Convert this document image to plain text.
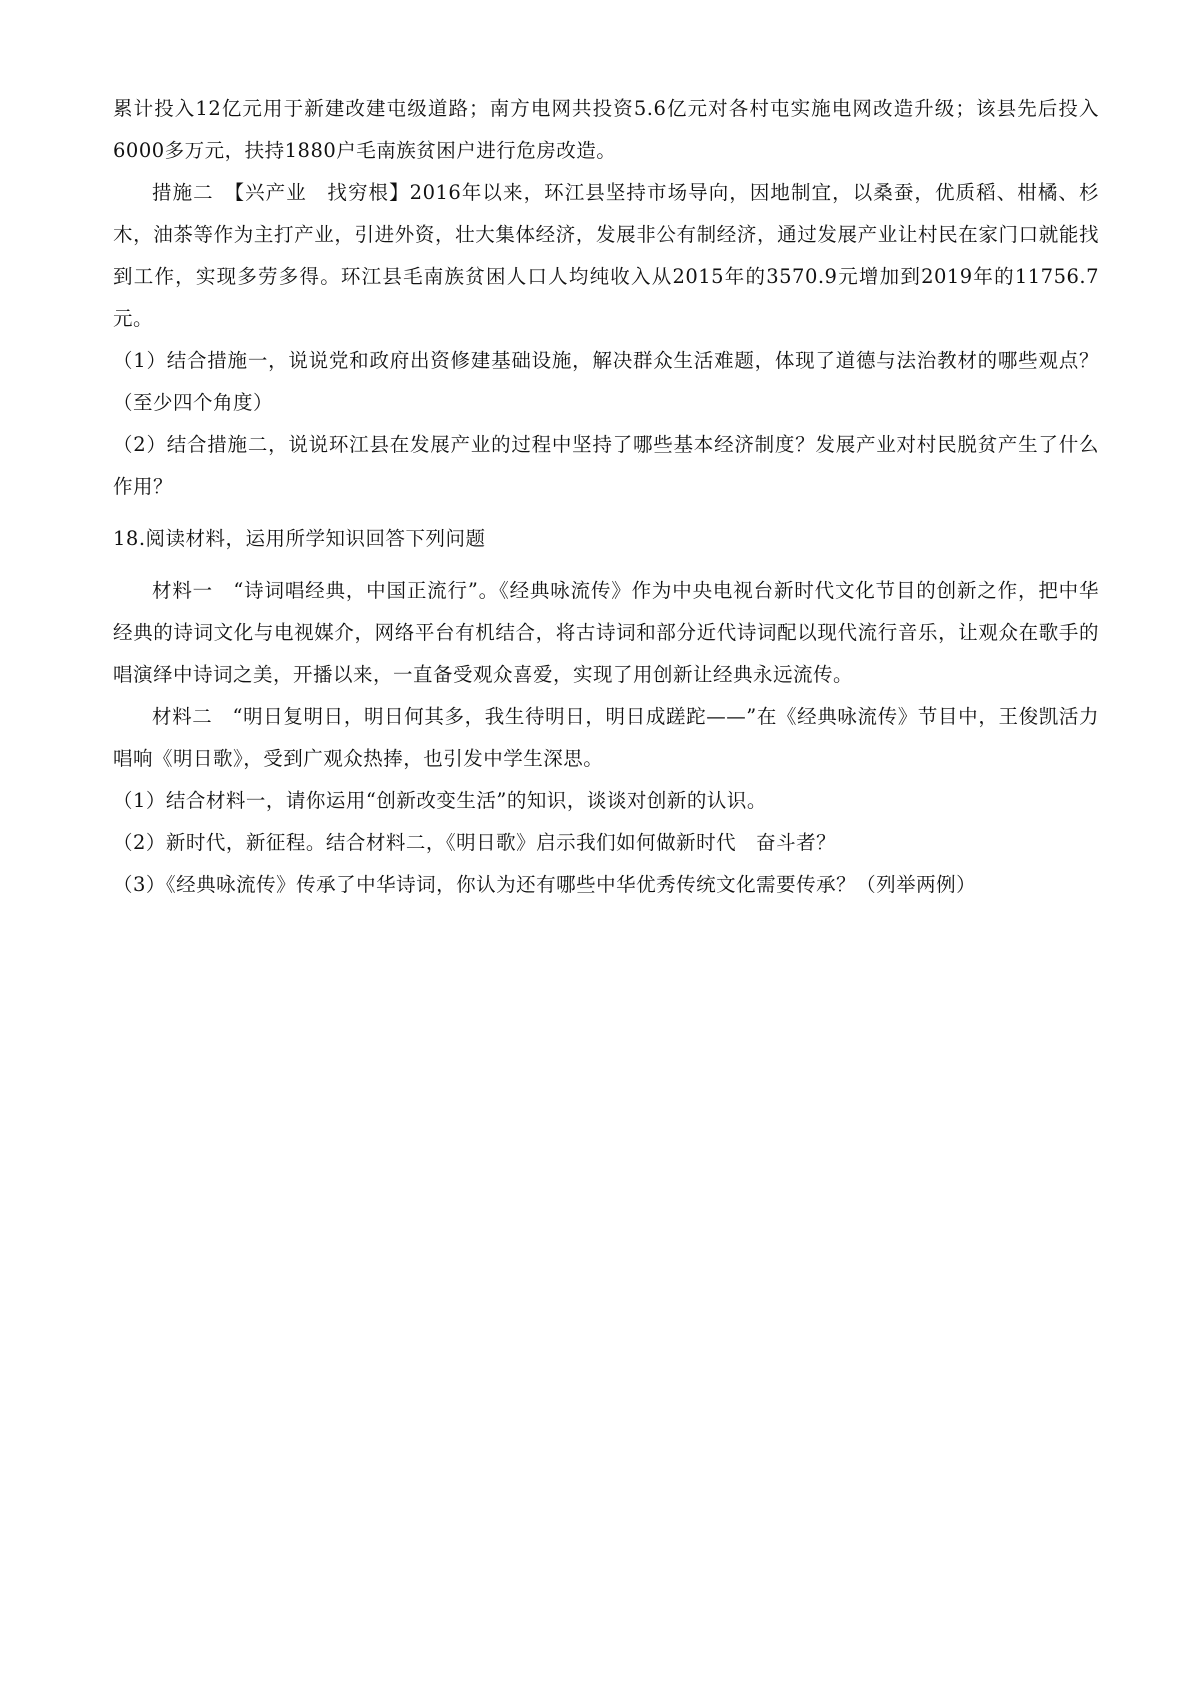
累计投入12亿元用于新建改建屯级道路；南方电网共投资5.6亿元对各村屯实施电网改造升级；该县先后投入6000多万元，扶持1880户毛南族贫困户进行危房改造。

措施二　【兴产业　找穷根】2016年以来，环江县坚持市场导向，因地制宜，以桑蚕，优质稻、柑橘、杉木，油茶等作为主打产业，引进外资，壮大集体经济，发展非公有制经济，通过发展产业让村民在家门口就能找到工作，实现多劳多得。环江县毛南族贫困人口人均纯收入从2015年的3570.9元增加到2019年的11756.7元。

（1）结合措施一，说说党和政府出资修建基础设施，解决群众生活难题，体现了道德与法治教材的哪些观点？（至少四个角度）

（2）结合措施二，说说环江县在发展产业的过程中坚持了哪些基本经济制度？发展产业对村民脱贫产生了什么作用？

18.阅读材料，运用所学知识回答下列问题

材料一　“诗词唱经典，中国正流行”。《经典咏流传》作为中央电视台新时代文化节目的创新之作，把中华经典的诗词文化与电视媒介，网络平台有机结合，将古诗词和部分近代诗词配以现代流行音乐，让观众在歌手的唱演绎中诗词之美，开播以来，一直备受观众喜爱，实现了用创新让经典永远流传。

材料二　“明日复明日，明日何其多，我生待明日，明日成蹉跎——”在《经典咏流传》节目中，王俊凯活力唱响《明日歌》，受到广观众热捧，也引发中学生深思。

（1）结合材料一，请你运用“创新改变生活”的知识，谈谈对创新的认识。

（2）新时代，新征程。结合材料二，《明日歌》启示我们如何做新时代　奋斗者？

（3）《经典咏流传》传承了中华诗词，你认为还有哪些中华优秀传统文化需要传承？（列举两例）
